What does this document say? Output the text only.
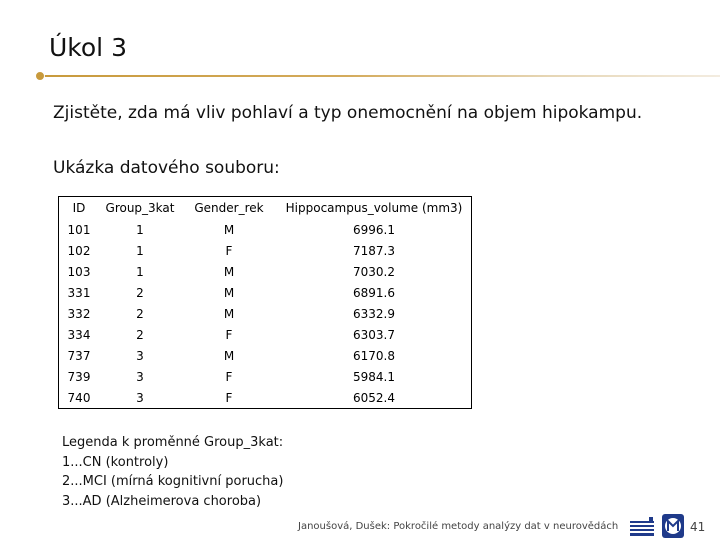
Úkol 3
Zjistěte, zda má vliv pohlaví a typ onemocnění na objem hipokampu.
Ukázka datového souboru:
ID	Group_3kat	Gender_rek	Hippocampus_volume (mm3)
101	1	M	6996.1
102	1	F	7187.3
103	1	M	7030.2
331	2	M	6891.6
332	2	M	6332.9
334	2	F	6303.7
737	3	M	6170.8
739	3	F	5984.1
740	3	F	6052.4
Legenda k proměnné Group_3kat:
1...CN (kontroly)
2...MCI (mírná kognitivní porucha)
3...AD (Alzheimerova choroba)
Janoušová, Dušek: Pokročilé metody analýzy dat v neurovědách	41
